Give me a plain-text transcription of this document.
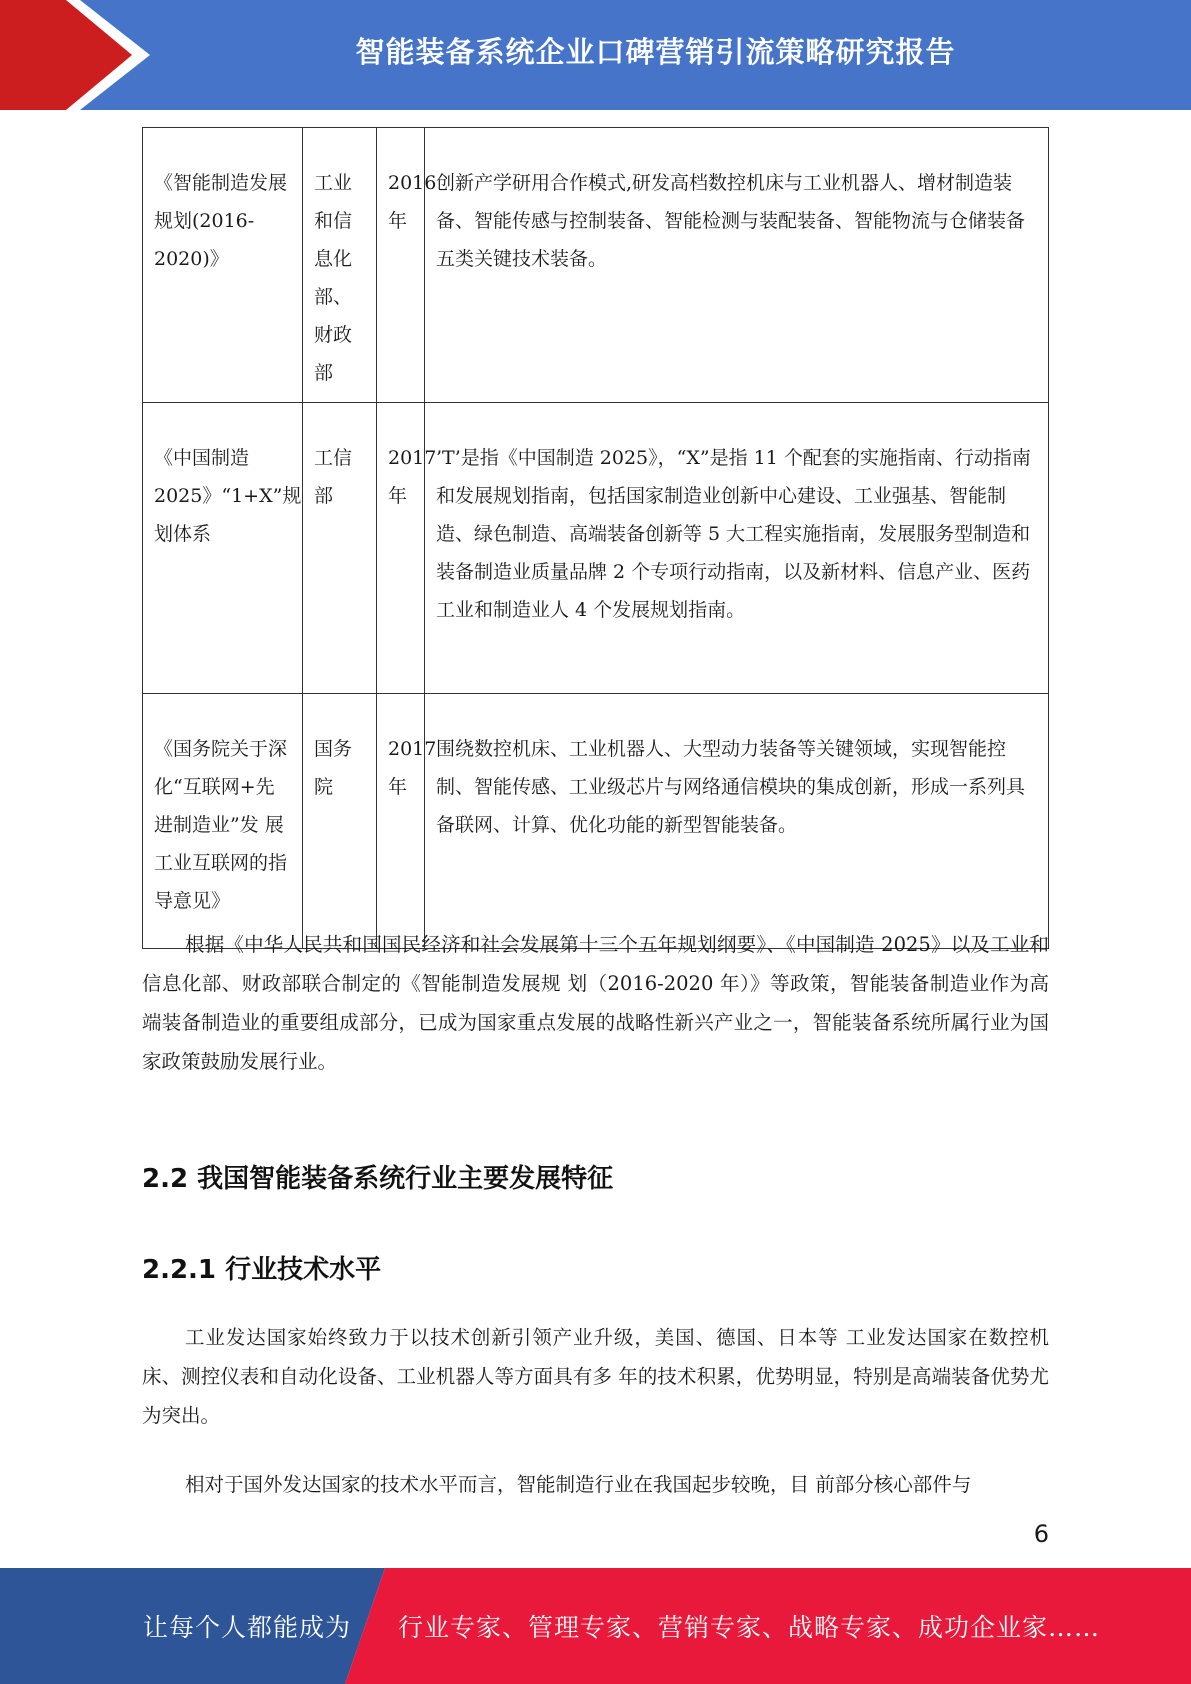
智能装备系统企业口碑营销引流策略研究报告
《智能制造发展规划(2016-2020)》	工业和信 息化部、财政部	2016年	创新产学研用合作模式,研发高档数控机床与工业机器人、增材制造装备、智能传感与控制装备、智能检测与装配装备、智能物流与仓储装备五类关键技术装备。
《中国制造2025》“1+X”规划体系	工信部	2017年	’T’是指《中国制造 2025》，“X”是指 11 个配套的实施指南、行动指南和发展规划指南，包括国家制造业创新中心建设、工业强基、智能制造、绿色制造、高端装备创新等 5 大工程实施指南，发展服务型制造和装备制造业质量品牌 2 个专项行动指南，以及新材料、信息产业、医药工业和制造业人 4 个发展规划指南。
《国务院关于深化“互联网+先进制造业”发 展工业互联网的指导意见》	国务院	2017年	围绕数控机床、工业机器人、大型动力装备等关键领域，实现智能控制、智能传感、工业级芯片与网络通信模块的集成创新，形成一系列具备联网、计算、优化功能的新型智能装备。

根据《中华人民共和国国民经济和社会发展第十三个五年规划纲要》、《中国制造 2025》以及工业和信息化部、财政部联合制定的《智能制造发展规 划（2016-2020 年）》等政策，智能装备制造业作为高端装备制造业的重要组成部分，已成为国家重点发展的战略性新兴产业之一，智能装备系统所属行业为国家政策鼓励发展行业。

2.2 我国智能装备系统行业主要发展特征
2.2.1 行业技术水平

工业发达国家始终致力于以技术创新引领产业升级，美国、德国、日本等 工业发达国家在数控机床、测控仪表和自动化设备、工业机器人等方面具有多 年的技术积累，优势明显，特别是高端装备优势尤为突出。

相对于国外发达国家的技术水平而言，智能制造行业在我国起步较晚，目 前部分核心部件与

6
让每个人都能成为 行业专家、管理专家、营销专家、战略专家、成功企业家……
